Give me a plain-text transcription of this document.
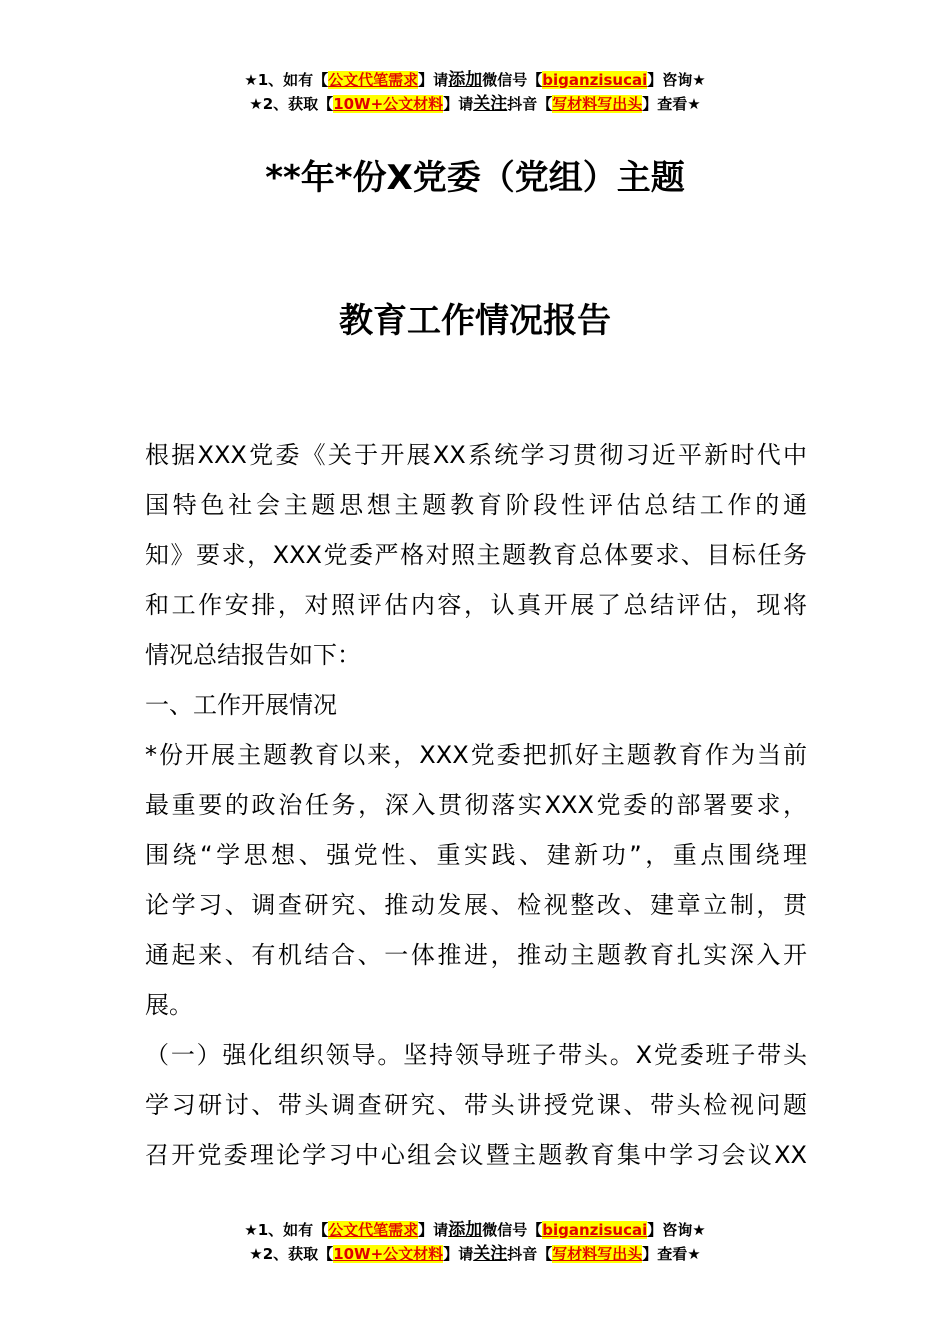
★1、如有【公文代笔需求】请添加微信号【biganzisucai】咨询★
★2、获取【10W+公文材料】请关注抖音【写材料写出头】查看★
**年*份X党委（党组）主题
教育工作情况报告
根据XXX党委《关于开展XX系统学习贯彻习近平新时代中
国特色社会主题思想主题教育阶段性评估总结工作的通
知》要求，XXX党委严格对照主题教育总体要求、目标任务
和工作安排，对照评估内容，认真开展了总结评估，现将
情况总结报告如下：
一、工作开展情况
*份开展主题教育以来，XXX党委把抓好主题教育作为当前
最重要的政治任务，深入贯彻落实XXX党委的部署要求，
围绕“学思想、强党性、重实践、建新功”，重点围绕理
论学习、调查研究、推动发展、检视整改、建章立制，贯
通起来、有机结合、一体推进，推动主题教育扎实深入开
展。
（一）强化组织领导。坚持领导班子带头。X党委班子带头
学习研讨、带头调查研究、带头讲授党课、带头检视问题
召开党委理论学习中心组会议暨主题教育集中学习会议XX
★1、如有【公文代笔需求】请添加微信号【biganzisucai】咨询★
★2、获取【10W+公文材料】请关注抖音【写材料写出头】查看★
